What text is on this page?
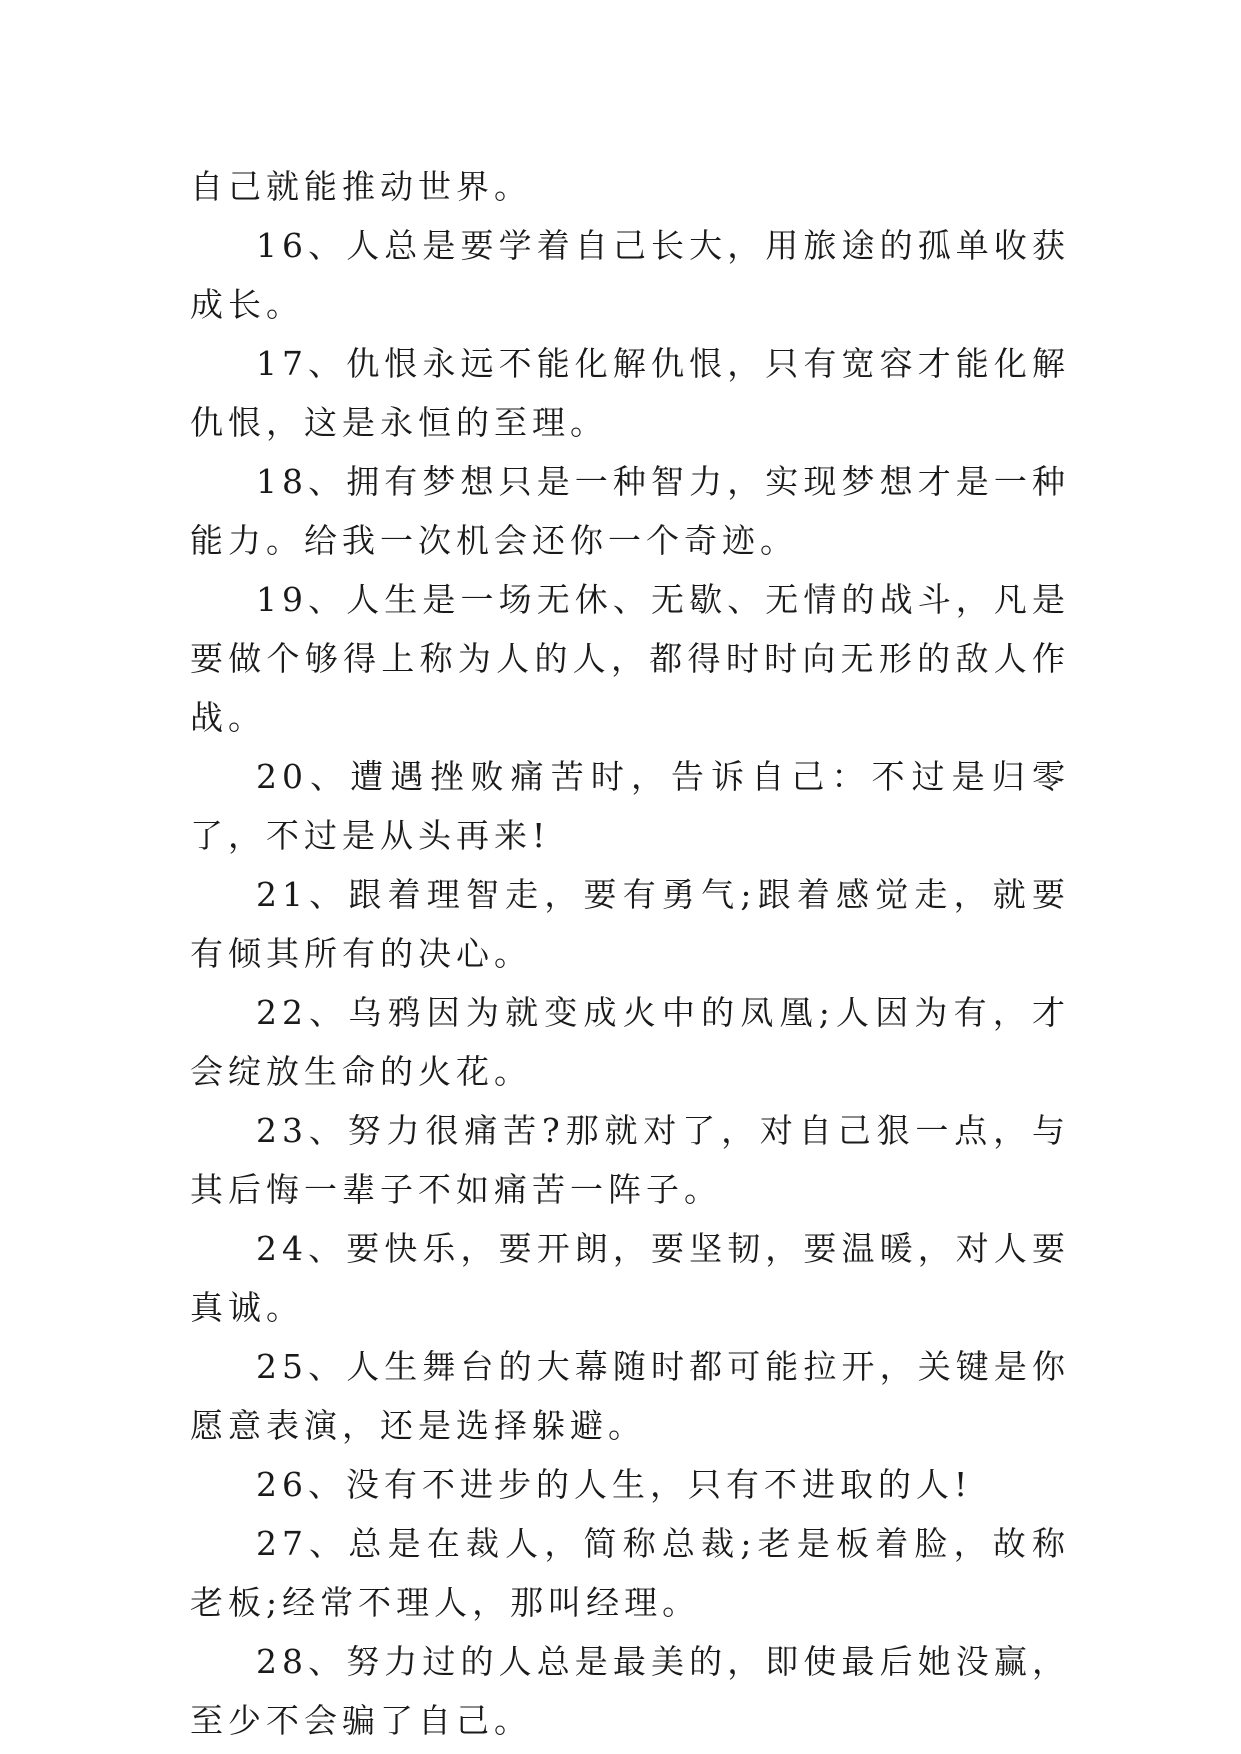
自己就能推动世界。

16、人总是要学着自己长大，用旅途的孤单收获成长。

17、仇恨永远不能化解仇恨，只有宽容才能化解仇恨，这是永恒的至理。

18、拥有梦想只是一种智力，实现梦想才是一种能力。给我一次机会还你一个奇迹。

19、人生是一场无休、无歇、无情的战斗，凡是要做个够得上称为人的人，都得时时向无形的敌人作战。

20、遭遇挫败痛苦时，告诉自己：不过是归零了，不过是从头再来!

21、跟着理智走，要有勇气;跟着感觉走，就要有倾其所有的决心。

22、乌鸦因为就变成火中的凤凰;人因为有，才会绽放生命的火花。

23、努力很痛苦?那就对了，对自己狠一点，与其后悔一辈子不如痛苦一阵子。

24、要快乐，要开朗，要坚韧，要温暖，对人要真诚。

25、人生舞台的大幕随时都可能拉开，关键是你愿意表演，还是选择躲避。

26、没有不进步的人生，只有不进取的人!

27、总是在裁人，简称总裁;老是板着脸，故称老板;经常不理人，那叫经理。

28、努力过的人总是最美的，即使最后她没赢，至少不会骗了自己。
